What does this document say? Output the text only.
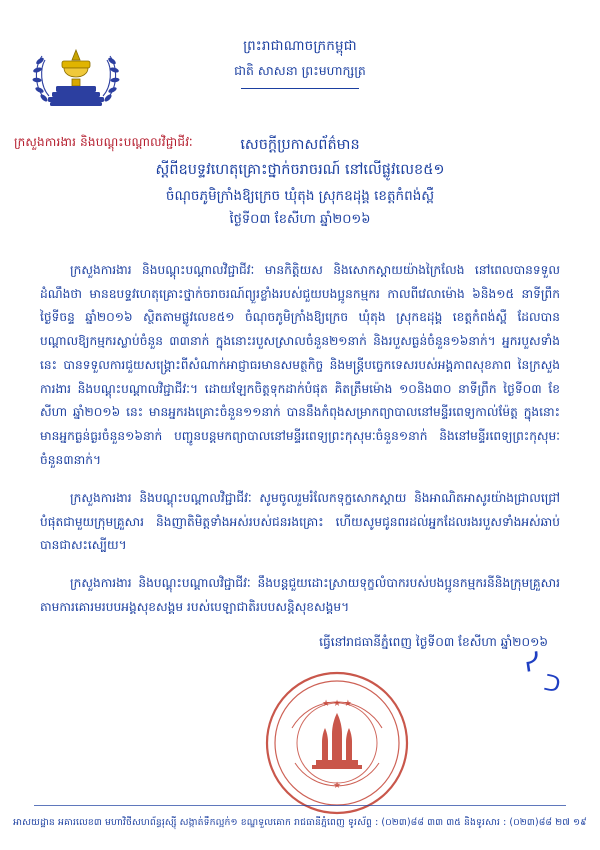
ព្រះរាជាណាចក្រកម្ពុជា
ជាតិ សាសនា ព្រះមហាក្សត្រ
ក្រសួងការងារ និងបណ្តុះបណ្តាលវិជ្ជាជីវៈ	សេចក្តីប្រកាសព័ត៌មាន
ស្តីពីឧបទ្ទវហេតុគ្រោះថ្នាក់ចរាចរណ៍ នៅលើផ្លូវលេខ៥១
ចំណុចភូមិក្រាំងឱ្យក្រេច ឃុំតុង ស្រុកឧដុង្គ ខេត្តកំពង់ស្ពឺ
ថ្ងៃទី០៣ ខែសីហា ឆ្នាំ២០១៦

ក្រសួងការងារ និងបណ្តុះបណ្តាលវិជ្ជាជីវៈ មានកិត្តិយស និងសោកស្តាយយ៉ាងក្រៃលែង នៅពេលបានទទួលដំណឹងថា មានឧបទ្ទវហេតុគ្រោះថ្នាក់ចរាចរណ៍ព្យួរខ្លាំងរបស់ជួយបងប្អូនកម្មករ កាលពីវេលាម៉ោង ៦និង១៥ នាទីព្រឹក ថ្ងៃទីចន្ទ ឆ្នាំ២០១៦ ស្ថិតតាមផ្លូវលេខ៥១ ចំណុចភូមិក្រាំងឱ្យក្រេច ឃុំតុង ស្រុកឧដុង្គ ខេត្តកំពង់ស្ពឺ ដែលបានបណ្តាលឱ្យកម្មករស្លាប់ចំនួន ៣៣នាក់ ក្នុងនោះរបួសស្រាលចំនួន២១នាក់ និងរបួសធ្ងន់ចំនួន១៦នាក់។ អ្នករបួសទាំងនេះ បានទទួលការជួយសង្គ្រោះពីសំណាក់អាជ្ញាធរមានសមត្ថកិច្ច និងមន្ត្រីបច្ចេកទេសរបស់អង្គភាពសុខភាព នៃក្រសួងការងារ និងបណ្តុះបណ្តាលវិជ្ជាជីវៈ។ ដោយឡែកចិត្តទុកដាក់បំផុត គិតត្រឹមម៉ោង ១០និង៣០ នាទីព្រឹក ថ្ងៃទី០៣ ខែសីហា ឆ្នាំ២០១៦ នេះ មានអ្នករងគ្រោះចំនួន១១នាក់ បាននឹងកំពុងសម្រាកព្យាបាលនៅមន្ទីរពេទ្យកាល់ម៉ែត្ត ក្នុងនោះមានអ្នកធ្ងន់ធ្ងរចំនួន១៦នាក់ បញ្ជូនបន្តមកព្យាបាលនៅមន្ទីរពេទ្យព្រះកុសុមៈចំនួន១នាក់ និងនៅមន្ទីរពេទ្យព្រះកុសុមៈចំនួន៣នាក់។

ក្រសួងការងារ និងបណ្តុះបណ្តាលវិជ្ជាជីវៈ សូមចូលរួមរំលែកទុក្ខសោកស្តាយ និងអាណិតអាសូរយ៉ាងជ្រាលជ្រៅបំផុតជាមួយក្រុមគ្រួសារ និងញាតិមិត្តទាំងអស់របស់ជនរងគ្រោះ ហើយសូមជូនពរដល់អ្នកដែលរងរបួសទាំងអស់ឆាប់បានជាសះស្បើយ។

ក្រសួងការងារ និងបណ្តុះបណ្តាលវិជ្ជាជីវៈ នឹងបន្តជួយដោះស្រាយទុក្ខលំបាករបស់បងប្អូនកម្មករនីនិងក្រុមគ្រួសារតាមការគោរមរបបអង្គសុខសង្គម របស់បេឡាជាតិរបបសន្តិសុខសង្គម។

ធ្វើនៅរាជធានីភ្នំពេញ ថ្ងៃទី០៣ ខែសីហា ឆ្នាំ២០១៦
ᓯ
ᑐ
★ ★ ★
★
អាសយដ្ឋាន អគារលេខ៣ មហាវិថីសហព័ន្ធរុស្ស៊ី សង្កាត់ទឹកល្អក់១ ខណ្ឌទួលគោក រាជធានីភ្នំពេញ ទូរស័ព្ទ : (០២៣)៨៨ ៣៣ ៣៥ និងទូរសារ : (០២៣)៨៨ ២៧ ១៩
